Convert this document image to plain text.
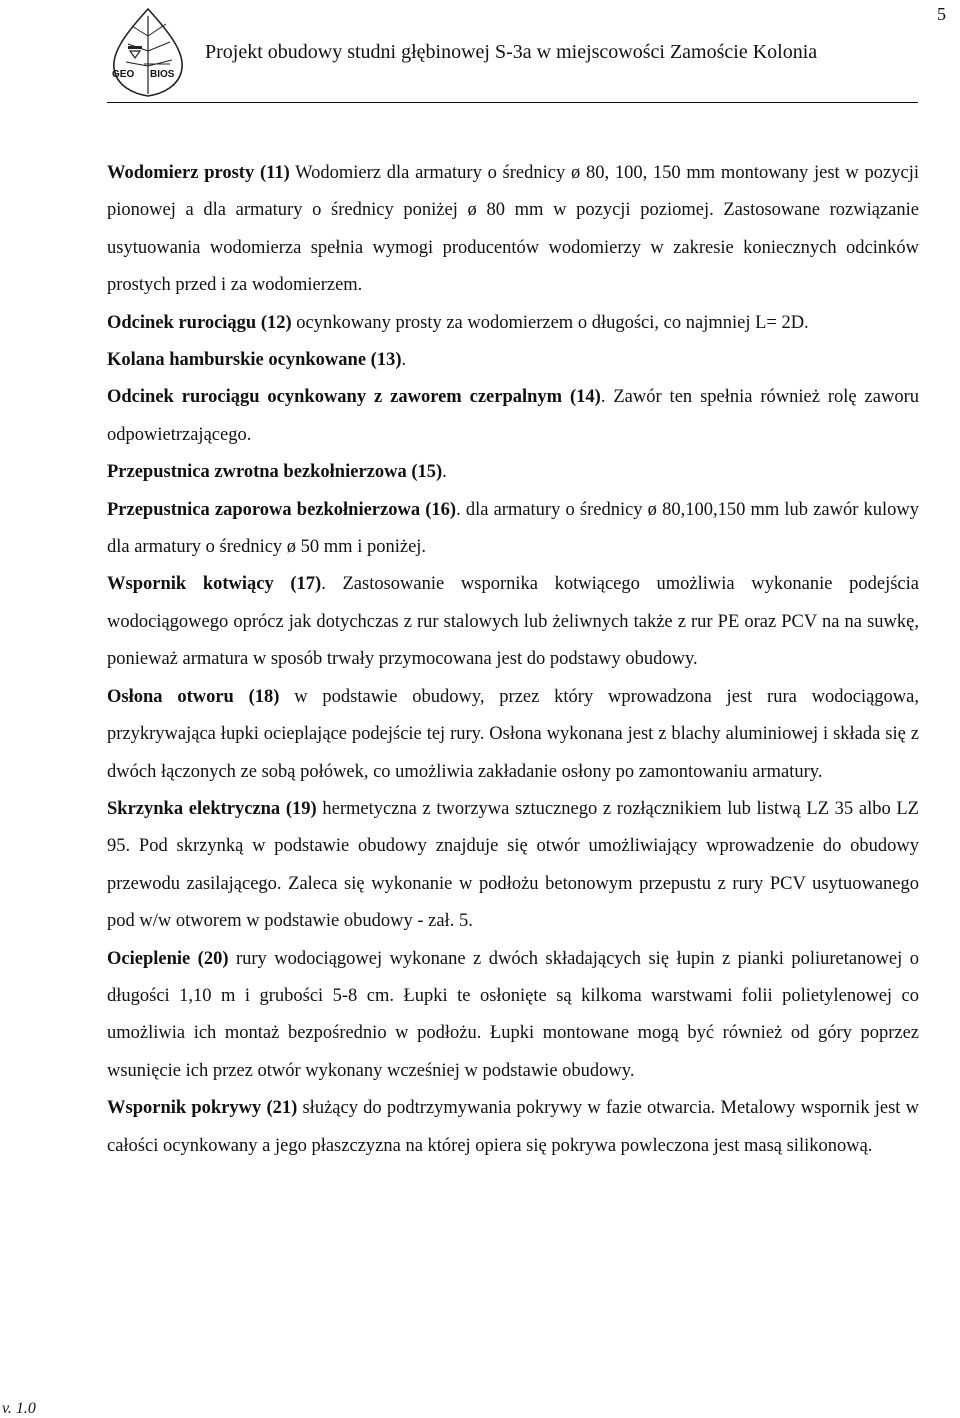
5
GEO BIOS
Projekt obudowy studni głębinowej S-3a w miejscowości Zamoście Kolonia

Wodomierz prosty (11) Wodomierz dla armatury o średnicy ø 80, 100, 150 mm montowany jest w pozycji pionowej a dla armatury o średnicy poniżej ø 80 mm w pozycji poziomej. Zastosowane rozwiązanie usytuowania wodomierza spełnia wymogi producentów wodomierzy w zakresie koniecznych odcinków prostych przed i za wodomierzem.

Odcinek rurociągu (12) ocynkowany prosty za wodomierzem o długości, co najmniej L= 2D.

Kolana hamburskie ocynkowane (13).

Odcinek rurociągu ocynkowany z zaworem czerpalnym (14). Zawór ten spełnia również rolę zaworu odpowietrzającego.

Przepustnica zwrotna bezkołnierzowa (15).

Przepustnica zaporowa bezkołnierzowa (16). dla armatury o średnicy ø 80,100,150 mm lub zawór kulowy dla armatury o średnicy ø 50 mm i poniżej.

Wspornik kotwiący (17). Zastosowanie wspornika kotwiącego umożliwia wykonanie podejścia wodociągowego oprócz jak dotychczas z rur stalowych lub żeliwnych także z rur PE oraz PCV na na suwkę, ponieważ armatura w sposób trwały przymocowana jest do podstawy obudowy.

Osłona otworu (18) w podstawie obudowy, przez który wprowadzona jest rura wodociągowa, przykrywająca łupki ocieplające podejście tej rury. Osłona wykonana jest z blachy aluminiowej i składa się z dwóch łączonych ze sobą połówek, co umożliwia zakładanie osłony po zamontowaniu armatury.

Skrzynka elektryczna (19) hermetyczna z tworzywa sztucznego z rozłącznikiem lub listwą LZ 35 albo LZ 95. Pod skrzynką w podstawie obudowy znajduje się otwór umożliwiający wprowadzenie do obudowy przewodu zasilającego. Zaleca się wykonanie w podłożu betonowym przepustu z rury PCV usytuowanego pod w/w otworem w podstawie obudowy - zał. 5.

Ocieplenie (20) rury wodociągowej wykonane z dwóch składających się łupin z pianki poliuretanowej o długości 1,10 m i grubości 5-8 cm. Łupki te osłonięte są kilkoma warstwami folii polietylenowej co umożliwia ich montaż bezpośrednio w podłożu. Łupki montowane mogą być również od góry poprzez wsunięcie ich przez otwór wykonany wcześniej w podstawie obudowy.

Wspornik pokrywy (21) służący do podtrzymywania pokrywy w fazie otwarcia. Metalowy wspornik jest w całości ocynkowany a jego płaszczyzna na której opiera się pokrywa powleczona jest masą silikonową.

v. 1.0
